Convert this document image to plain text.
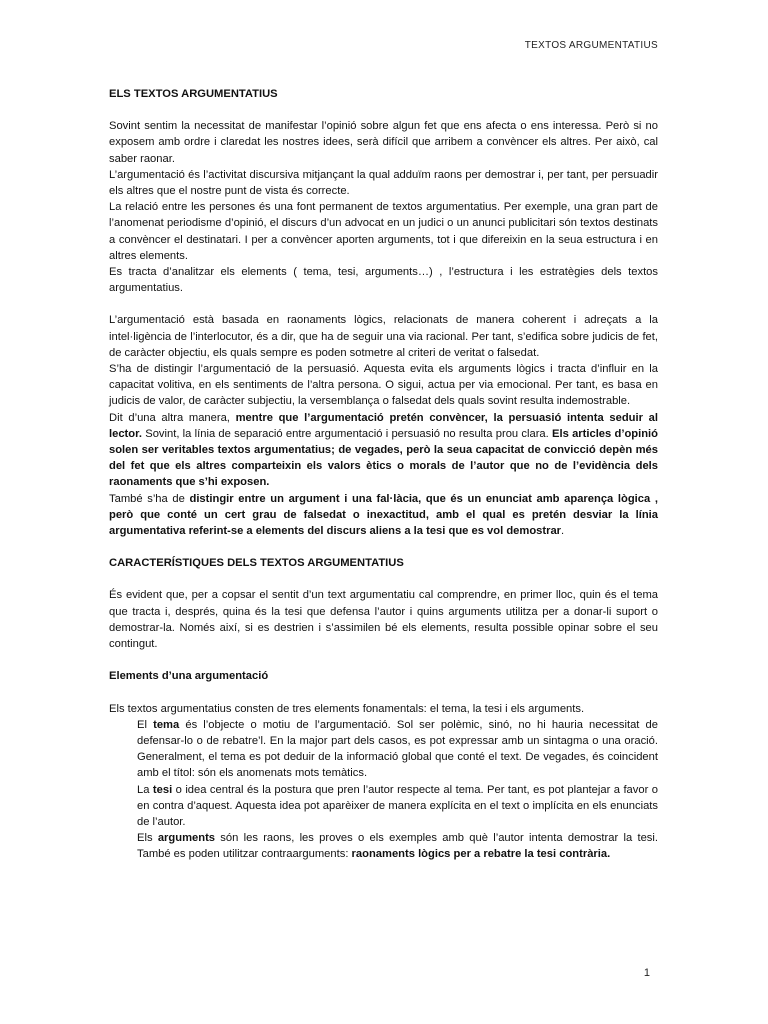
TEXTOS ARGUMENTATIUS

ELS TEXTOS ARGUMENTATIUS

Sovint sentim la necessitat de manifestar l’opinió sobre algun fet que ens afecta o ens interessa. Però si no exposem amb ordre i claredat les nostres idees, serà difícil que arribem a convèncer els altres. Per això, cal saber raonar.

L’argumentació és l’activitat discursiva mitjançant la qual adduïm raons per demostrar i, per tant, per persuadir els altres que el nostre punt de vista és correcte.

La relació entre les persones és una font permanent de textos argumentatius. Per exemple, una gran part de l’anomenat periodisme d’opinió, el discurs d’un advocat en un judici o un anunci publicitari són textos destinats a convèncer el destinatari. I per a convèncer aporten arguments, tot i que difereixin en la seua estructura i en altres elements.

Es tracta d’analitzar els elements ( tema, tesi, arguments…) , l’estructura i les estratègies dels textos argumentatius.

L’argumentació està basada en raonaments lògics, relacionats de manera coherent i adreçats a la intel·ligència de l’interlocutor, és a dir, que ha de seguir una via racional. Per tant, s’edifica sobre judicis de fet, de caràcter objectiu, els quals sempre es poden sotmetre al criteri de veritat o falsedat.

S’ha de distingir l’argumentació de la persuasió. Aquesta evita els arguments lògics i tracta d’influir en la capacitat volitiva, en els sentiments de l’altra persona. O sigui, actua per via emocional. Per tant, es basa en judicis de valor, de caràcter subjectiu, la versemblança o falsedat dels quals sovint resulta indemostrable.

Dit d’una altra manera, mentre que l’argumentació pretén convèncer, la persuasió intenta seduir al lector. Sovint, la línia de separació entre argumentació i persuasió no resulta prou clara. Els articles d’opinió solen ser veritables textos argumentatius; de vegades, però la seua capacitat de convicció depèn més del fet que els altres comparteixin els valors ètics o morals de l’autor que no de l’evidència dels raonaments que s’hi exposen.

També s’ha de distingir entre un argument i una fal·làcia, que és un enunciat amb aparença lògica , però que conté un cert grau de falsedat o inexactitud, amb el qual es pretén desviar la línia argumentativa referint-se a elements del discurs aliens a la tesi que es vol demostrar.

CARACTERÍSTIQUES DELS TEXTOS ARGUMENTATIUS

És evident que, per a copsar el sentit d’un text argumentatiu cal comprendre, en primer lloc, quin és el tema que tracta i, després, quina és la tesi que defensa l’autor i quins arguments utilitza per a donar-li suport o demostrar-la. Només així, si es destrien i s’assimilen bé els elements, resulta possible opinar sobre el seu contingut.

Elements d’una argumentació

Els textos argumentatius consten de tres elements fonamentals: el tema, la tesi i els arguments.

El tema és l’objecte o motiu de l’argumentació. Sol ser polèmic, sinó, no hi hauria necessitat de defensar-lo o de rebatre’l. En la major part dels casos, es pot expressar amb un sintagma o una oració. Generalment, el tema es pot deduir de la informació global que conté el text. De vegades, és coincident amb el títol: són els anomenats mots temàtics.

La tesi o idea central és la postura que pren l’autor respecte al tema. Per tant, es pot plantejar a favor o en contra d’aquest. Aquesta idea pot aparèixer de manera explícita en el text o implícita en els enunciats de l’autor.

Els arguments són les raons, les proves o els exemples amb què l’autor intenta demostrar la tesi. També es poden utilitzar contraarguments: raonaments lògics per a rebatre la tesi contrària.

1
